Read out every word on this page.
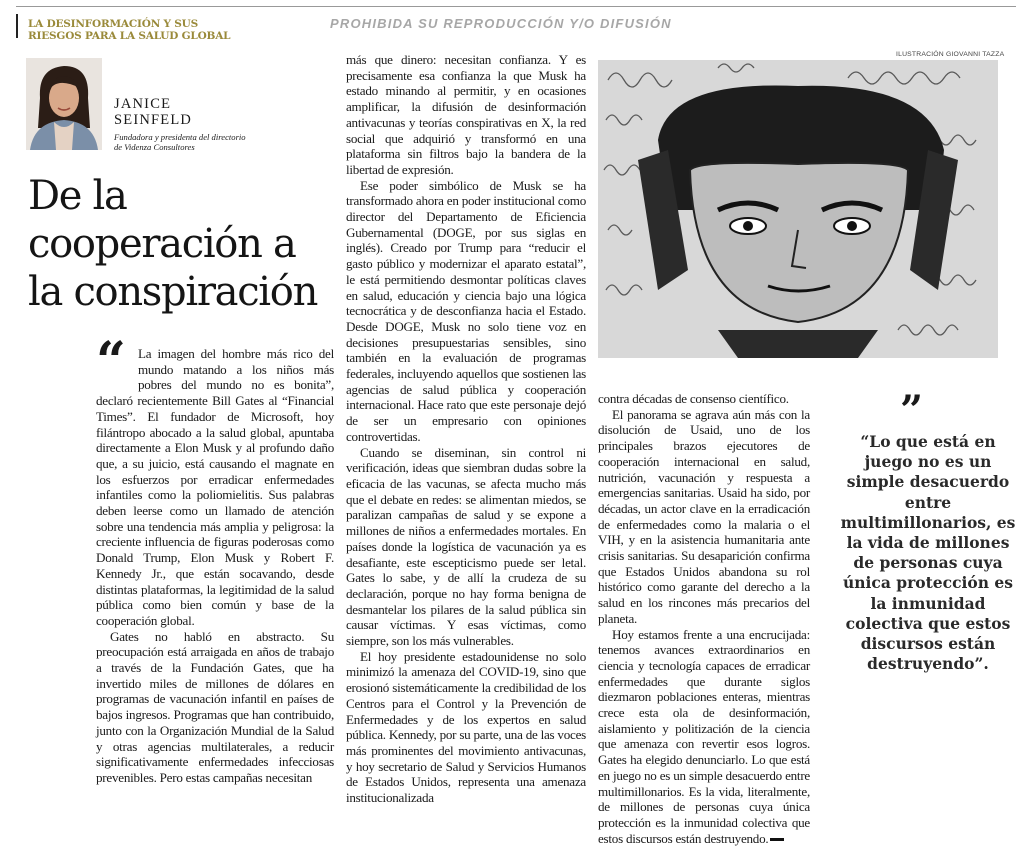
LA DESINFORMACIÓN Y SUS RIESGOS PARA LA SALUD GLOBAL
PROHIBIDA SU REPRODUCCIÓN Y/O DIFUSIÓN
JANICE
SEINFELD
Fundadora y presidenta del directorio
de Videnza Consultores
De la
cooperación a
la conspiración
“ La imagen del hombre más rico del mundo matando a los niños más pobres del mundo no es bonita”, declaró recientemente Bill Gates al “Financial Times”. El fundador de Microsoft, hoy filántropo abocado a la salud global, apuntaba directamente a Elon Musk y al profundo daño que, a su juicio, está causando el magnate en los esfuerzos por erradicar enfermedades infantiles como la poliomielitis. Sus palabras deben leerse como un llamado de atención sobre una tendencia más amplia y peligrosa: la creciente influencia de figuras poderosas como Donald Trump, Elon Musk y Robert F. Kennedy Jr., que están socavando, desde distintas plataformas, la legitimidad de la salud pública como bien común y base de la cooperación global.

Gates no habló en abstracto. Su preocupación está arraigada en años de trabajo a través de la Fundación Gates, que ha invertido miles de millones de dólares en programas de vacunación infantil en países de bajos ingresos. Programas que han contribuido, junto con la Organización Mundial de la Salud y otras agencias multilaterales, a reducir significativamente enfermedades infecciosas prevenibles. Pero estas campañas necesitan

más que dinero: necesitan confianza. Y es precisamente esa confianza la que Musk ha estado minando al permitir, y en ocasiones amplificar, la difusión de desinformación antivacunas y teorías conspirativas en X, la red social que adquirió y transformó en una plataforma sin filtros bajo la bandera de la libertad de expresión.

Ese poder simbólico de Musk se ha transformado ahora en poder institucional como director del Departamento de Eficiencia Gubernamental (DOGE, por sus siglas en inglés). Creado por Trump para “reducir el gasto público y modernizar el aparato estatal”, le está permitiendo desmontar políticas claves en salud, educación y ciencia bajo una lógica tecnocrática y de desconfianza hacia el Estado. Desde DOGE, Musk no solo tiene voz en decisiones presupuestarias sensibles, sino también en la evaluación de programas federales, incluyendo aquellos que sostienen las agencias de salud pública y cooperación internacional. Hace rato que este personaje dejó de ser un empresario con opiniones controvertidas.

Cuando se diseminan, sin control ni verificación, ideas que siembran dudas sobre la eficacia de las vacunas, se afecta mucho más que el debate en redes: se alimentan miedos, se paralizan campañas de salud y se expone a millones de niños a enfermedades mortales. En países donde la logística de vacunación ya es desafiante, este escepticismo puede ser letal. Gates lo sabe, y de allí la crudeza de su declaración, porque no hay forma benigna de desmantelar los pilares de la salud pública sin causar víctimas. Y esas víctimas, como siempre, son los más vulnerables.

El hoy presidente estadounidense no solo minimizó la amenaza del COVID-19, sino que erosionó sistemáticamente la credibilidad de los Centros para el Control y la Prevención de Enfermedades y de los expertos en salud pública. Kennedy, por su parte, una de las voces más prominentes del movimiento antivacunas, y hoy secretario de Salud y Servicios Humanos de Estados Unidos, representa una amenaza institucionalizada

ILUSTRACIÓN GIOVANNI TAZZA

contra décadas de consenso científico.

El panorama se agrava aún más con la disolución de Usaid, uno de los principales brazos ejecutores de cooperación internacional en salud, nutrición, vacunación y respuesta a emergencias sanitarias. Usaid ha sido, por décadas, un actor clave en la erradicación de enfermedades como la malaria o el VIH, y en la asistencia humanitaria ante crisis sanitarias. Su desaparición confirma que Estados Unidos abandona su rol histórico como garante del derecho a la salud en los rincones más precarios del planeta.

Hoy estamos frente a una encrucijada: tenemos avances extraordinarios en ciencia y tecnología capaces de erradicar enfermedades que durante siglos diezmaron poblaciones enteras, mientras crece esta ola de desinformación, aislamiento y politización de la ciencia que amenaza con revertir esos logros. Gates ha elegido denunciarlo. Lo que está en juego no es un simple desacuerdo entre multimillonarios. Es la vida, literalmente, de millones de personas cuya única protección es la inmunidad colectiva que estos discursos están destruyendo.

”
“Lo que está en juego no es un simple desacuerdo entre multimillonarios, es la vida de millones de personas cuya única protección es la inmunidad colectiva que estos discursos están destruyendo”.
